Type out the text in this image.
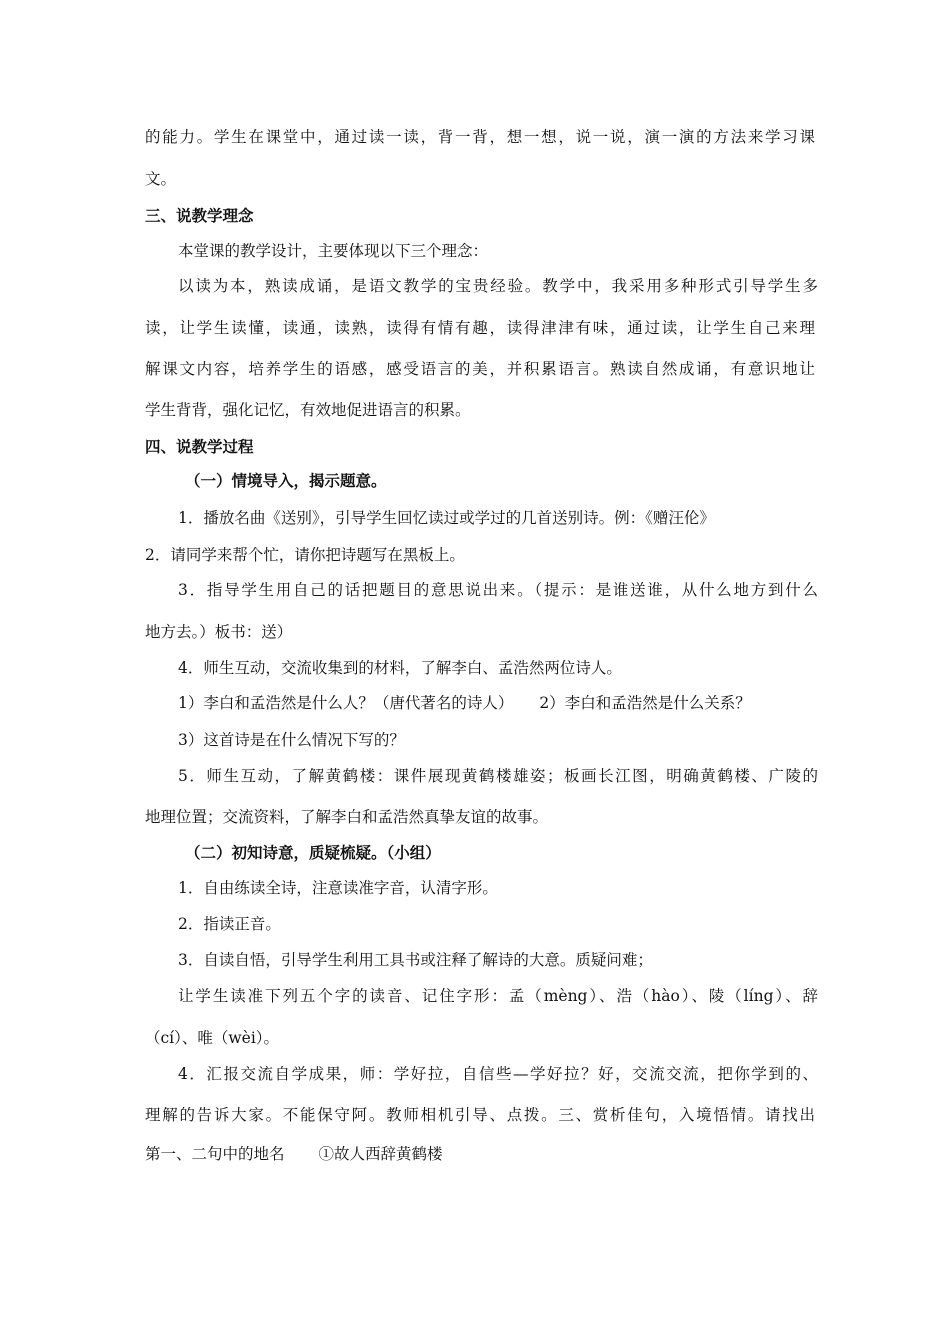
的能力。学生在课堂中，通过读一读，背一背，想一想，说一说，演一演的方法来学习课
文。
三、说教学理念
本堂课的教学设计，主要体现以下三个理念：
以读为本，熟读成诵，是语文教学的宝贵经验。教学中，我采用多种形式引导学生多
读，让学生读懂，读通，读熟，读得有情有趣，读得津津有味，通过读，让学生自己来理
解课文内容，培养学生的语感，感受语言的美，并积累语言。熟读自然成诵，有意识地让
学生背背，强化记忆，有效地促进语言的积累。
四、说教学过程
（一）情境导入，揭示题意。
1．播放名曲《送别》，引导学生回忆读过或学过的几首送别诗。例：《赠汪伦》
2．请同学来帮个忙，请你把诗题写在黑板上。
3．指导学生用自己的话把题目的意思说出来。（提示：是谁送谁，从什么地方到什么
地方去。）板书：送）
4．师生互动，交流收集到的材料，了解李白、孟浩然两位诗人。
1）李白和孟浩然是什么人？（唐代著名的诗人） 2）李白和孟浩然是什么关系？
3）这首诗是在什么情况下写的？
5．师生互动，了解黄鹤楼：课件展现黄鹤楼雄姿；板画长江图，明确黄鹤楼、广陵的
地理位置；交流资料，了解李白和孟浩然真挚友谊的故事。
（二）初知诗意，质疑梳疑。（小组）
1．自由练读全诗，注意读准字音，认清字形。
2．指读正音。
3．自读自悟，引导学生利用工具书或注释了解诗的大意。质疑问难；
让学生读准下列五个字的读音、记住字形：孟（mèng）、浩（hào）、陵（líng）、辞
（cí）、唯（wèi）。
4．汇报交流自学成果，师：学好拉，自信些—学好拉？好，交流交流，把你学到的、
理解的告诉大家。不能保守阿。教师相机引导、点拨。三、赏析佳句，入境悟情。请找出
第一、二句中的地名 ①故人西辞黄鹤楼
